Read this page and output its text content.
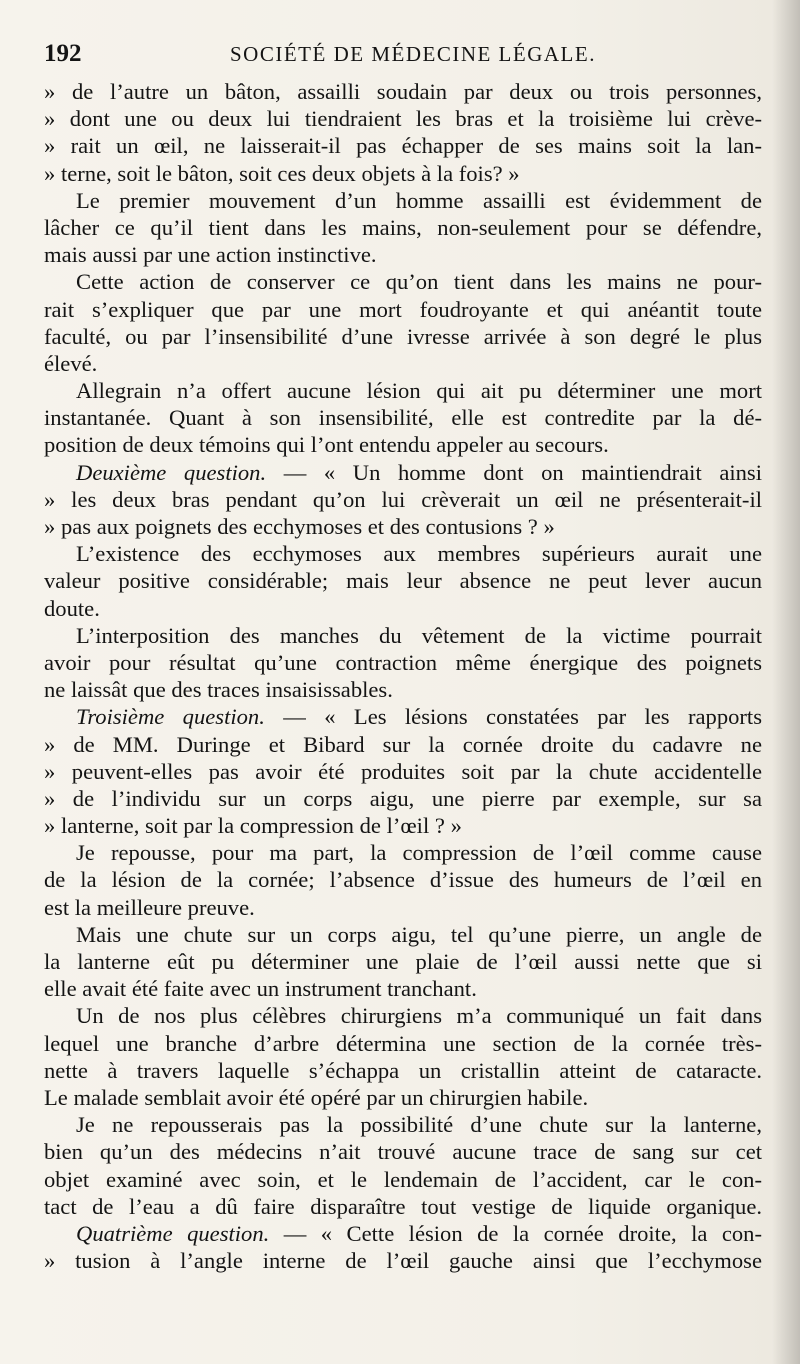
192	SOCIÉTÉ DE MÉDECINE LÉGALE.
» de l’autre un bâton, assailli soudain par deux ou trois personnes,
» dont une ou deux lui tiendraient les bras et la troisième lui crève-
» rait un œil, ne laisserait-il pas échapper de ses mains soit la lan-
» terne, soit le bâton, soit ces deux objets à la fois? »
Le premier mouvement d’un homme assailli est évidemment de
lâcher ce qu’il tient dans les mains, non-seulement pour se défendre,
mais aussi par une action instinctive.
Cette action de conserver ce qu’on tient dans les mains ne pour-
rait s’expliquer que par une mort foudroyante et qui anéantit toute
faculté, ou par l’insensibilité d’une ivresse arrivée à son degré le plus
élevé.
Allegrain n’a offert aucune lésion qui ait pu déterminer une mort
instantanée. Quant à son insensibilité, elle est contredite par la dé-
position de deux témoins qui l’ont entendu appeler au secours.
Deuxième question. — « Un homme dont on maintiendrait ainsi
» les deux bras pendant qu’on lui crèverait un œil ne présenterait-il
» pas aux poignets des ecchymoses et des contusions ? »
L’existence des ecchymoses aux membres supérieurs aurait une
valeur positive considérable; mais leur absence ne peut lever aucun
doute.
L’interposition des manches du vêtement de la victime pourrait
avoir pour résultat qu’une contraction même énergique des poignets
ne laissât que des traces insaisissables.
Troisième question. — « Les lésions constatées par les rapports
» de MM. Duringe et Bibard sur la cornée droite du cadavre ne
» peuvent-elles pas avoir été produites soit par la chute accidentelle
» de l’individu sur un corps aigu, une pierre par exemple, sur sa
» lanterne, soit par la compression de l’œil ? »
Je repousse, pour ma part, la compression de l’œil comme cause
de la lésion de la cornée; l’absence d’issue des humeurs de l’œil en
est la meilleure preuve.
Mais une chute sur un corps aigu, tel qu’une pierre, un angle de
la lanterne eût pu déterminer une plaie de l’œil aussi nette que si
elle avait été faite avec un instrument tranchant.
Un de nos plus célèbres chirurgiens m’a communiqué un fait dans
lequel une branche d’arbre détermina une section de la cornée très-
nette à travers laquelle s’échappa un cristallin atteint de cataracte.
Le malade semblait avoir été opéré par un chirurgien habile.
Je ne repousserais pas la possibilité d’une chute sur la lanterne,
bien qu’un des médecins n’ait trouvé aucune trace de sang sur cet
objet examiné avec soin, et le lendemain de l’accident, car le con-
tact de l’eau a dû faire disparaître tout vestige de liquide organique.
Quatrième question. — « Cette lésion de la cornée droite, la con-
» tusion à l’angle interne de l’œil gauche ainsi que l’ecchymose
